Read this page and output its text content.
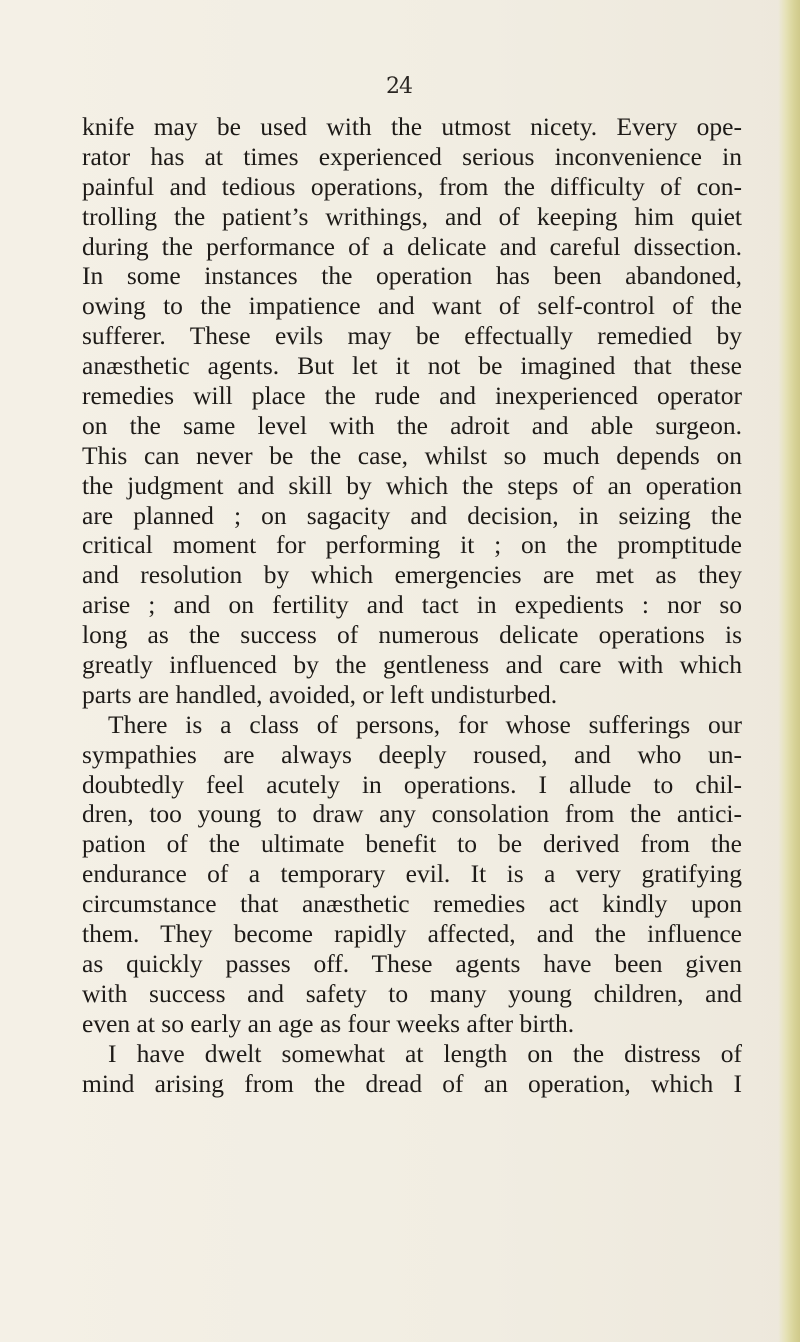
24
knife may be used with the utmost nicety. Every ope-
rator has at times experienced serious inconvenience in
painful and tedious operations, from the difficulty of con-
trolling the patient’s writhings, and of keeping him quiet
during the performance of a delicate and careful dissection.
In some instances the operation has been abandoned,
owing to the impatience and want of self-control of the
sufferer. These evils may be effectually remedied by
anæsthetic agents. But let it not be imagined that these
remedies will place the rude and inexperienced operator
on the same level with the adroit and able surgeon.
This can never be the case, whilst so much depends on
the judgment and skill by which the steps of an operation
are planned ; on sagacity and decision, in seizing the
critical moment for performing it ; on the promptitude
and resolution by which emergencies are met as they
arise ; and on fertility and tact in expedients : nor so
long as the success of numerous delicate operations is
greatly influenced by the gentleness and care with which
parts are handled, avoided, or left undisturbed.
There is a class of persons, for whose sufferings our
sympathies are always deeply roused, and who un-
doubtedly feel acutely in operations. I allude to chil-
dren, too young to draw any consolation from the antici-
pation of the ultimate benefit to be derived from the
endurance of a temporary evil. It is a very gratifying
circumstance that anæsthetic remedies act kindly upon
them. They become rapidly affected, and the influence
as quickly passes off. These agents have been given
with success and safety to many young children, and
even at so early an age as four weeks after birth.
I have dwelt somewhat at length on the distress of
mind arising from the dread of an operation, which I
